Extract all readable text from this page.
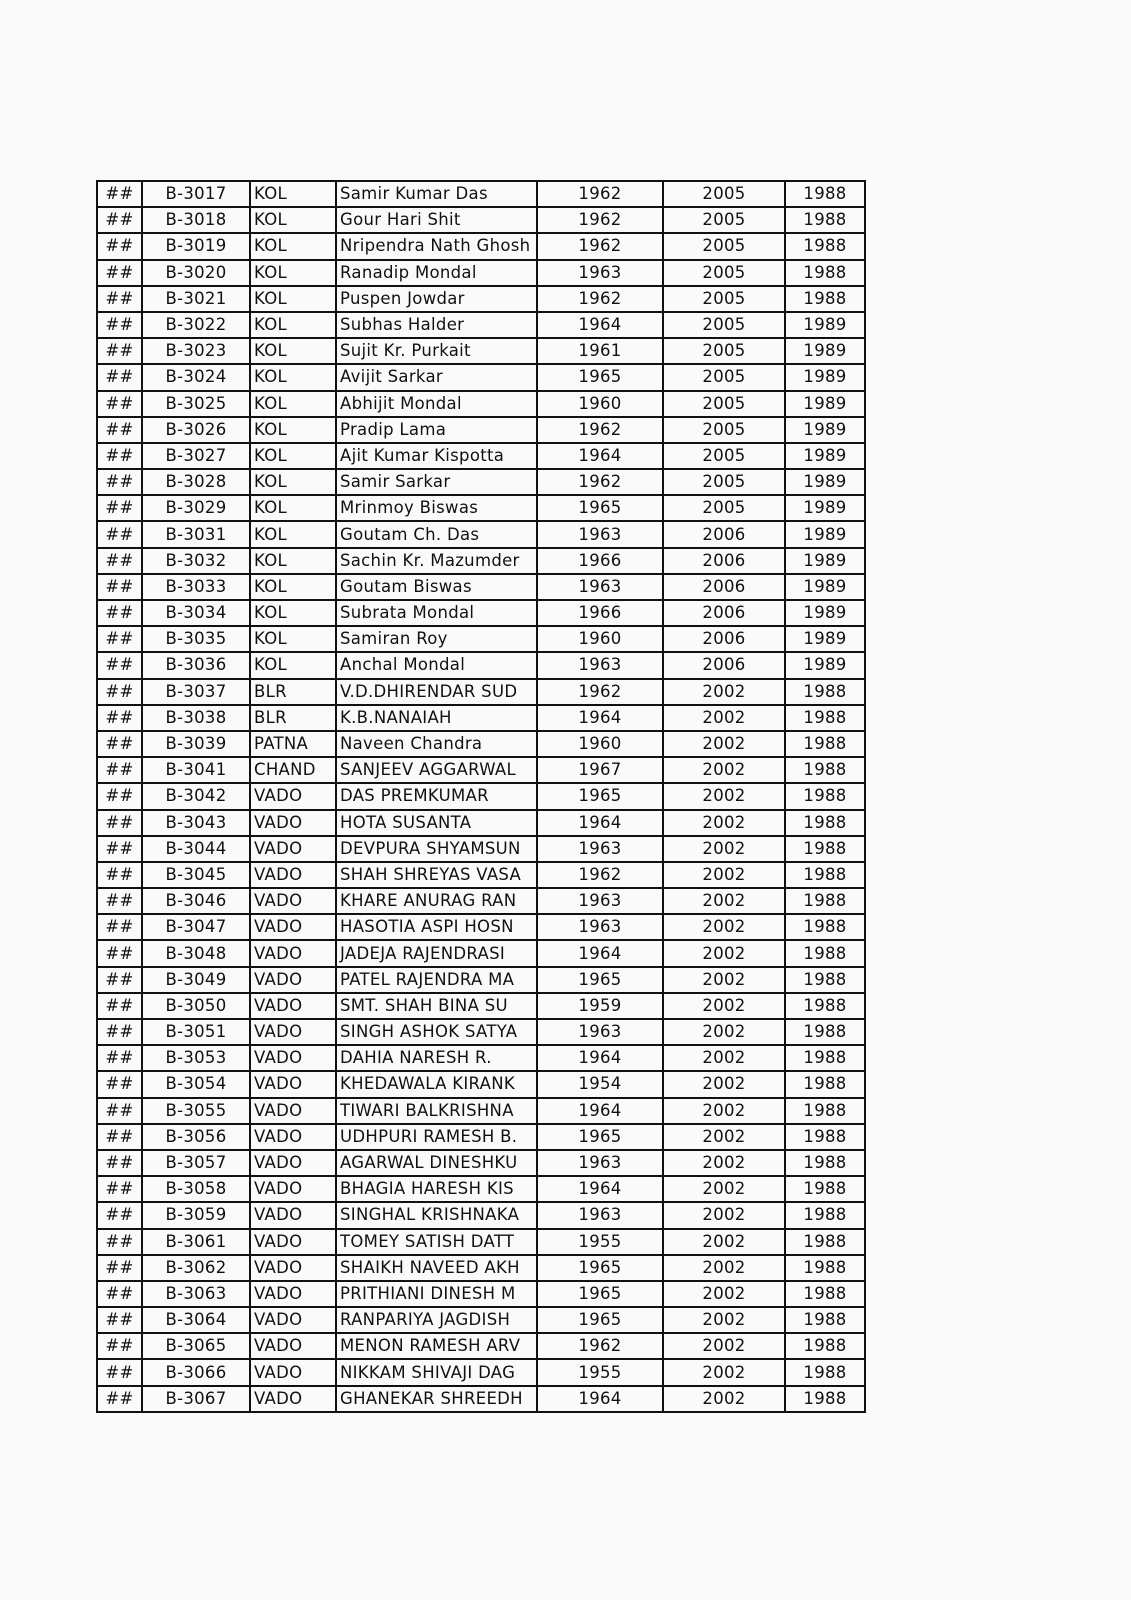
##	B-3017	KOL	Samir Kumar Das	1962	2005	1988
##	B-3018	KOL	Gour Hari Shit	1962	2005	1988
##	B-3019	KOL	Nripendra Nath Ghosh	1962	2005	1988
##	B-3020	KOL	Ranadip Mondal	1963	2005	1988
##	B-3021	KOL	Puspen Jowdar	1962	2005	1988
##	B-3022	KOL	Subhas Halder	1964	2005	1989
##	B-3023	KOL	Sujit Kr. Purkait	1961	2005	1989
##	B-3024	KOL	Avijit Sarkar	1965	2005	1989
##	B-3025	KOL	Abhijit Mondal	1960	2005	1989
##	B-3026	KOL	Pradip Lama	1962	2005	1989
##	B-3027	KOL	Ajit Kumar Kispotta	1964	2005	1989
##	B-3028	KOL	Samir Sarkar	1962	2005	1989
##	B-3029	KOL	Mrinmoy Biswas	1965	2005	1989
##	B-3031	KOL	Goutam Ch. Das	1963	2006	1989
##	B-3032	KOL	Sachin Kr. Mazumder	1966	2006	1989
##	B-3033	KOL	Goutam Biswas	1963	2006	1989
##	B-3034	KOL	Subrata Mondal	1966	2006	1989
##	B-3035	KOL	Samiran Roy	1960	2006	1989
##	B-3036	KOL	Anchal Mondal	1963	2006	1989
##	B-3037	BLR	V.D.DHIRENDAR SUD	1962	2002	1988
##	B-3038	BLR	K.B.NANAIAH	1964	2002	1988
##	B-3039	PATNA	Naveen Chandra	1960	2002	1988
##	B-3041	CHAND	SANJEEV AGGARWAL	1967	2002	1988
##	B-3042	VADO	DAS PREMKUMAR	1965	2002	1988
##	B-3043	VADO	HOTA SUSANTA	1964	2002	1988
##	B-3044	VADO	DEVPURA SHYAMSUN	1963	2002	1988
##	B-3045	VADO	SHAH SHREYAS VASA	1962	2002	1988
##	B-3046	VADO	KHARE ANURAG RAN	1963	2002	1988
##	B-3047	VADO	HASOTIA ASPI HOSN	1963	2002	1988
##	B-3048	VADO	JADEJA RAJENDRASI	1964	2002	1988
##	B-3049	VADO	PATEL RAJENDRA MA	1965	2002	1988
##	B-3050	VADO	SMT. SHAH BINA SU	1959	2002	1988
##	B-3051	VADO	SINGH ASHOK SATYA	1963	2002	1988
##	B-3053	VADO	DAHIA NARESH R.	1964	2002	1988
##	B-3054	VADO	KHEDAWALA KIRANK	1954	2002	1988
##	B-3055	VADO	TIWARI BALKRISHNA	1964	2002	1988
##	B-3056	VADO	UDHPURI RAMESH B.	1965	2002	1988
##	B-3057	VADO	AGARWAL DINESHKU	1963	2002	1988
##	B-3058	VADO	BHAGIA HARESH KIS	1964	2002	1988
##	B-3059	VADO	SINGHAL KRISHNAKA	1963	2002	1988
##	B-3061	VADO	TOMEY SATISH DATT	1955	2002	1988
##	B-3062	VADO	SHAIKH NAVEED AKH	1965	2002	1988
##	B-3063	VADO	PRITHIANI DINESH M	1965	2002	1988
##	B-3064	VADO	RANPARIYA JAGDISH	1965	2002	1988
##	B-3065	VADO	MENON RAMESH ARV	1962	2002	1988
##	B-3066	VADO	NIKKAM SHIVAJI DAG	1955	2002	1988
##	B-3067	VADO	GHANEKAR SHREEDH	1964	2002	1988
